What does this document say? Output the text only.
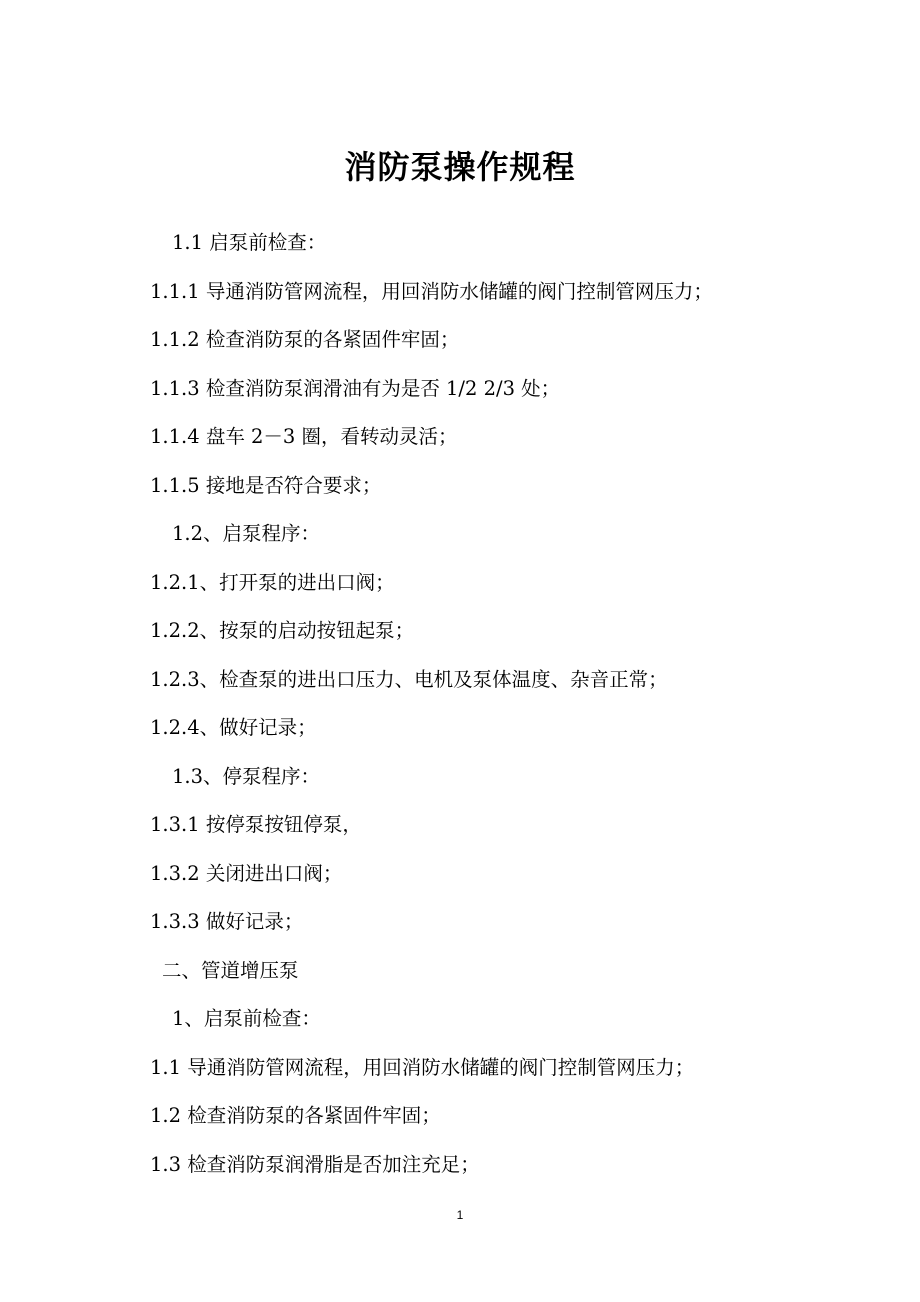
消防泵操作规程
1.1 启泵前检查：
1.1.1 导通消防管网流程，用回消防水储罐的阀门控制管网压力；
1.1.2 检查消防泵的各紧固件牢固；
1.1.3 检查消防泵润滑油有为是否 1/2 2/3 处；
1.1.4 盘车 2－3 圈，看转动灵活；
1.1.5 接地是否符合要求；
1.2、启泵程序：
1.2.1、打开泵的进出口阀；
1.2.2、按泵的启动按钮起泵；
1.2.3、检查泵的进出口压力、电机及泵体温度、杂音正常；
1.2.4、做好记录；
1.3、停泵程序：
1.3.1 按停泵按钮停泵，
1.3.2 关闭进出口阀；
1.3.3 做好记录；
二、管道增压泵
1、启泵前检查：
1.1 导通消防管网流程，用回消防水储罐的阀门控制管网压力；
1.2 检查消防泵的各紧固件牢固；
1.3 检查消防泵润滑脂是否加注充足；
1
